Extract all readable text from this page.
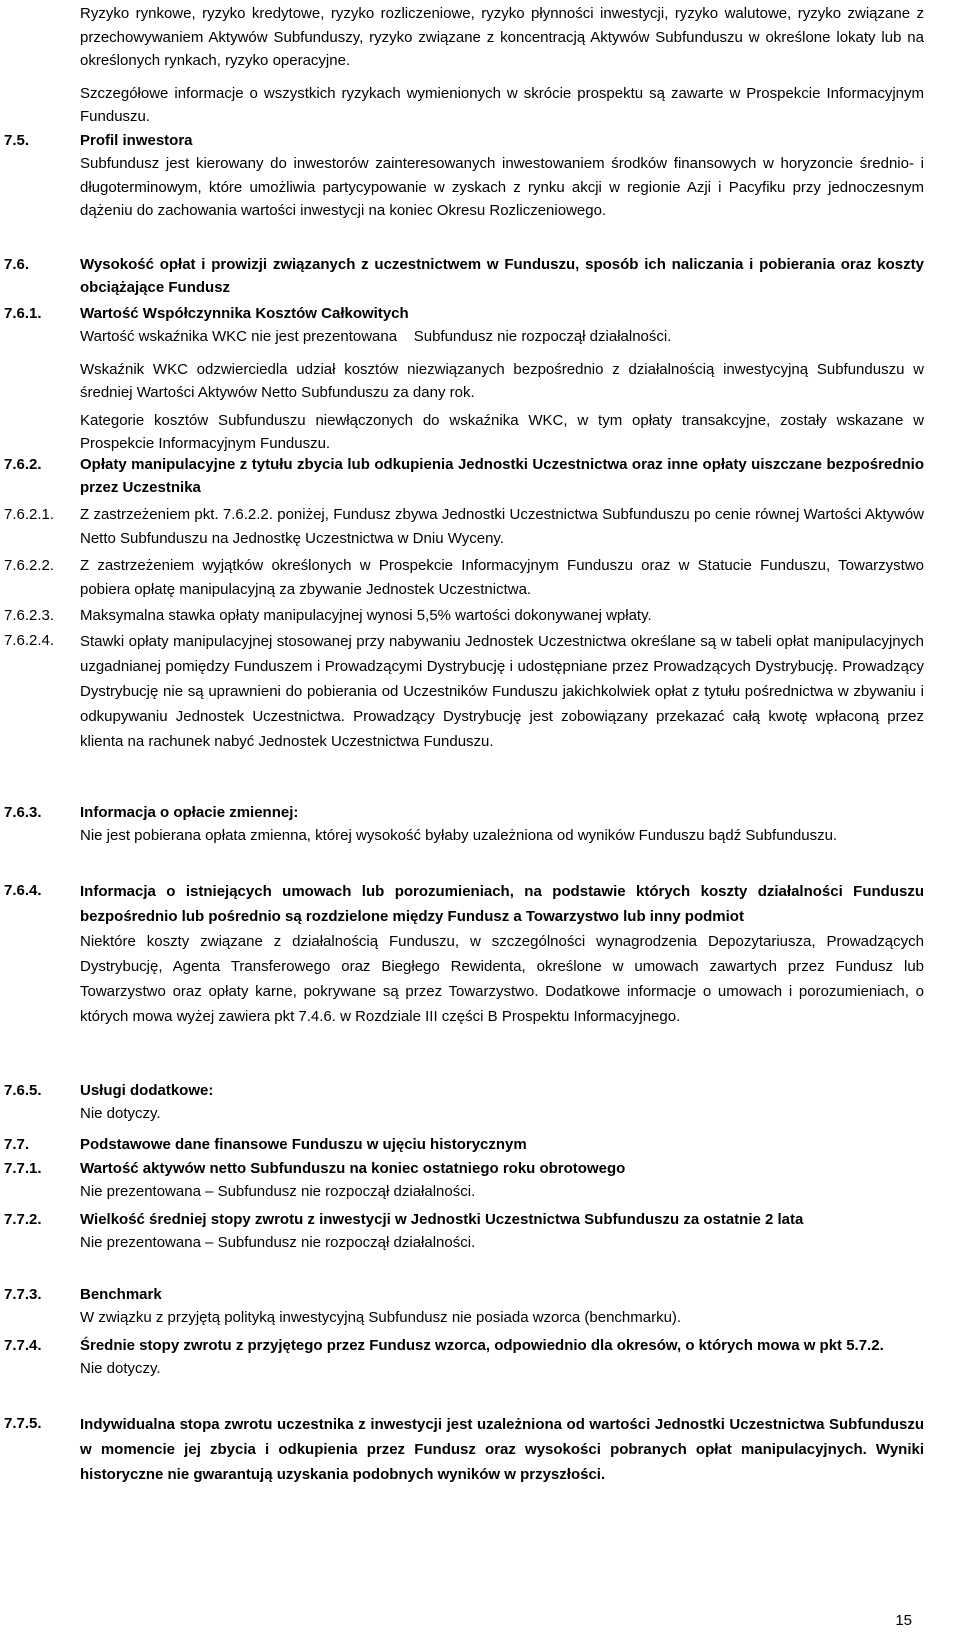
Ryzyko rynkowe, ryzyko kredytowe, ryzyko rozliczeniowe, ryzyko płynności inwestycji, ryzyko walutowe, ryzyko związane z przechowywaniem Aktywów Subfunduszy, ryzyko związane z koncentracją Aktywów Subfunduszu w określone lokaty lub na określonych rynkach, ryzyko operacyjne.

Szczegółowe informacje o wszystkich ryzykach wymienionych w skrócie prospektu są zawarte w Prospekcie Informacyjnym Funduszu.

7.5.	Profil inwestora

Subfundusz jest kierowany do inwestorów zainteresowanych inwestowaniem środków finansowych w horyzoncie średnio- i długoterminowym, które umożliwia partycypowanie w zyskach z rynku akcji w regionie Azji i Pacyfiku przy jednoczesnym dążeniu do zachowania wartości inwestycji na koniec Okresu Rozliczeniowego.

7.6.	Wysokość opłat i prowizji związanych z uczestnictwem w Funduszu, sposób ich naliczania i pobierania oraz koszty obciążające Fundusz
7.6.1.	Wartość Współczynnika Kosztów Całkowitych

Wartość wskaźnika WKC nie jest prezentowana    Subfundusz nie rozpoczął działalności.

Wskaźnik WKC odzwierciedla udział kosztów niezwiązanych bezpośrednio z działalnością inwestycyjną Subfunduszu w średniej Wartości Aktywów Netto Subfunduszu za dany rok.

Kategorie kosztów Subfunduszu niewłączonych do wskaźnika WKC, w tym opłaty transakcyjne, zostały wskazane w Prospekcie Informacyjnym Funduszu.

7.6.2.	Opłaty manipulacyjne z tytułu zbycia lub odkupienia Jednostki Uczestnictwa oraz inne opłaty uiszczane bezpośrednio przez Uczestnika
7.6.2.1.	Z zastrzeżeniem pkt. 7.6.2.2. poniżej, Fundusz zbywa Jednostki Uczestnictwa Subfunduszu po cenie równej Wartości Aktywów Netto Subfunduszu na Jednostkę Uczestnictwa w Dniu Wyceny.

7.6.2.2.	Z zastrzeżeniem wyjątków określonych w Prospekcie Informacyjnym Funduszu oraz w Statucie Funduszu, Towarzystwo pobiera opłatę manipulacyjną za zbywanie Jednostek Uczestnictwa.

7.6.2.3.	Maksymalna stawka opłaty manipulacyjnej wynosi 5,5% wartości dokonywanej wpłaty.

7.6.2.4.	Stawki opłaty manipulacyjnej stosowanej przy nabywaniu Jednostek Uczestnictwa określane są w tabeli opłat manipulacyjnych uzgadnianej pomiędzy Funduszem i Prowadzącymi Dystrybucję i udostępniane przez Prowadzących Dystrybucję. Prowadzący Dystrybucję nie są uprawnieni do pobierania od Uczestników Funduszu jakichkolwiek opłat z tytułu pośrednictwa w zbywaniu i odkupywaniu Jednostek Uczestnictwa. Prowadzący Dystrybucję jest zobowiązany przekazać całą kwotę wpłaconą przez klienta na rachunek nabyć Jednostek Uczestnictwa Funduszu.

7.6.3.	Informacja o opłacie zmiennej:

Nie jest pobierana opłata zmienna, której wysokość byłaby uzależniona od wyników Funduszu bądź Subfunduszu.

7.6.4.	Informacja o istniejących umowach lub porozumieniach, na podstawie których koszty działalności Funduszu bezpośrednio lub pośrednio są rozdzielone między Fundusz a Towarzystwo lub inny podmiot

Niektóre koszty związane z działalnością Funduszu, w szczególności wynagrodzenia Depozytariusza, Prowadzących Dystrybucję, Agenta Transferowego oraz Biegłego Rewidenta, określone w umowach zawartych przez Fundusz lub Towarzystwo oraz opłaty karne, pokrywane są przez Towarzystwo. Dodatkowe informacje o umowach i porozumieniach, o których mowa wyżej zawiera pkt 7.4.6. w Rozdziale III części B Prospektu Informacyjnego.

7.6.5.	Usługi dodatkowe:

Nie dotyczy.

7.7.	Podstawowe dane finansowe Funduszu w ujęciu historycznym
7.7.1.	Wartość aktywów netto Subfunduszu na koniec ostatniego roku obrotowego

Nie prezentowana – Subfundusz nie rozpoczął działalności.

7.7.2.	Wielkość średniej stopy zwrotu z inwestycji w Jednostki Uczestnictwa Subfunduszu za ostatnie 2 lata

Nie prezentowana – Subfundusz nie rozpoczął działalności.

7.7.3.	Benchmark

W związku z przyjętą polityką inwestycyjną Subfundusz nie posiada wzorca (benchmarku).

7.7.4.	Średnie stopy zwrotu z przyjętego przez Fundusz wzorca, odpowiednio dla okresów, o których mowa w pkt 5.7.2.

Nie dotyczy.

7.7.5.	Indywidualna stopa zwrotu uczestnika z inwestycji jest uzależniona od wartości Jednostki Uczestnictwa Subfunduszu w momencie jej zbycia i odkupienia przez Fundusz oraz wysokości pobranych opłat manipulacyjnych. Wyniki historyczne nie gwarantują uzyskania podobnych wyników w przyszłości.
15
